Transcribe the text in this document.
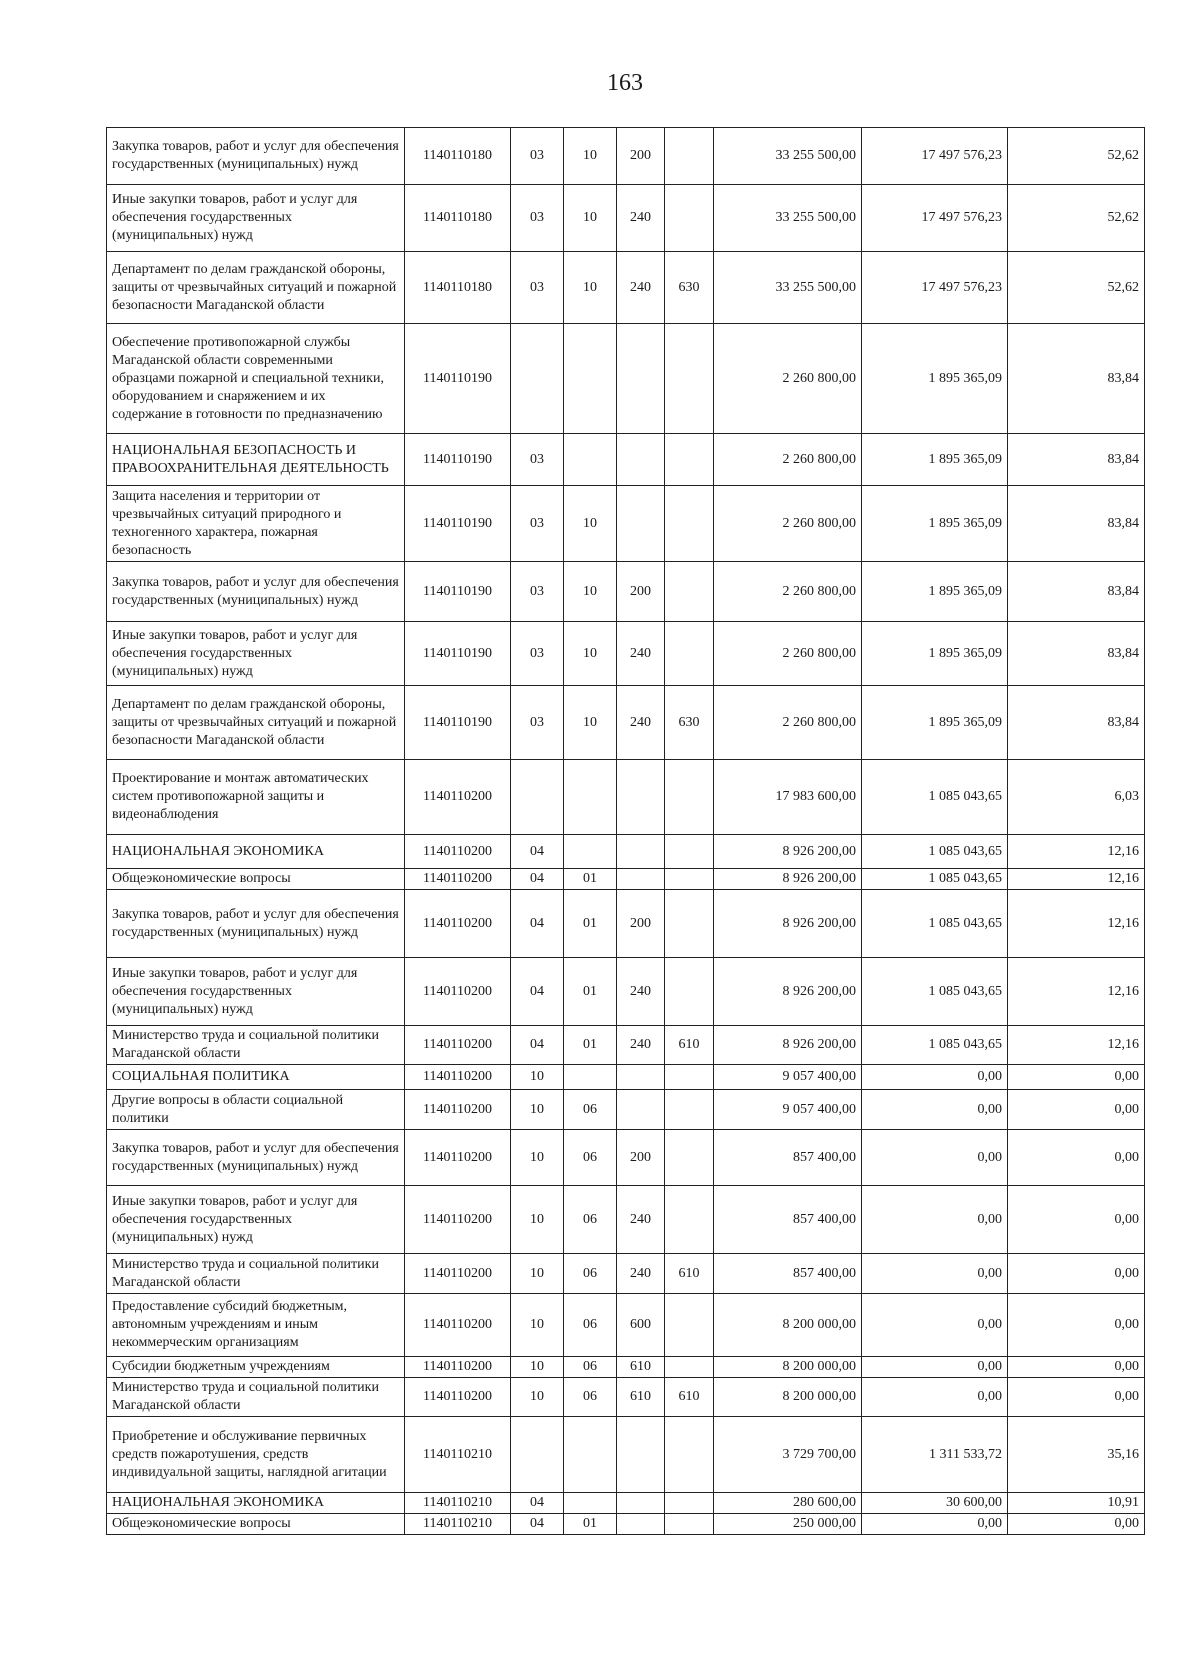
163
Закупка товаров, работ и услуг для обеспечения государственных (муниципальных) нужд	1140110180	03	10	200		33 255 500,00	17 497 576,23	52,62
Иные закупки товаров, работ и услуг для обеспечения государственных (муниципальных) нужд	1140110180	03	10	240		33 255 500,00	17 497 576,23	52,62
Департамент по делам гражданской обороны, защиты от чрезвычайных ситуаций и пожарной безопасности Магаданской области	1140110180	03	10	240	630	33 255 500,00	17 497 576,23	52,62
Обеспечение противопожарной службы Магаданской области современными образцами пожарной и специальной техники, оборудованием и снаряжением и их содержание в готовности по предназначению	1140110190					2 260 800,00	1 895 365,09	83,84
НАЦИОНАЛЬНАЯ БЕЗОПАСНОСТЬ И ПРАВООХРАНИТЕЛЬНАЯ ДЕЯТЕЛЬНОСТЬ	1140110190	03				2 260 800,00	1 895 365,09	83,84
Защита населения и территории от чрезвычайных ситуаций природного и техногенного характера, пожарная безопасность	1140110190	03	10			2 260 800,00	1 895 365,09	83,84
Закупка товаров, работ и услуг для обеспечения государственных (муниципальных) нужд	1140110190	03	10	200		2 260 800,00	1 895 365,09	83,84
Иные закупки товаров, работ и услуг для обеспечения государственных (муниципальных) нужд	1140110190	03	10	240		2 260 800,00	1 895 365,09	83,84
Департамент по делам гражданской обороны, защиты от чрезвычайных ситуаций и пожарной безопасности Магаданской области	1140110190	03	10	240	630	2 260 800,00	1 895 365,09	83,84
Проектирование и монтаж автоматических систем противопожарной защиты и видеонаблюдения	1140110200					17 983 600,00	1 085 043,65	6,03
НАЦИОНАЛЬНАЯ ЭКОНОМИКА	1140110200	04				8 926 200,00	1 085 043,65	12,16
Общеэкономические вопросы	1140110200	04	01			8 926 200,00	1 085 043,65	12,16
Закупка товаров, работ и услуг для обеспечения государственных (муниципальных) нужд	1140110200	04	01	200		8 926 200,00	1 085 043,65	12,16
Иные закупки товаров, работ и услуг для обеспечения государственных (муниципальных) нужд	1140110200	04	01	240		8 926 200,00	1 085 043,65	12,16
Министерство труда и социальной политики Магаданской области	1140110200	04	01	240	610	8 926 200,00	1 085 043,65	12,16
СОЦИАЛЬНАЯ ПОЛИТИКА	1140110200	10				9 057 400,00	0,00	0,00
Другие вопросы в области социальной политики	1140110200	10	06			9 057 400,00	0,00	0,00
Закупка товаров, работ и услуг для обеспечения государственных (муниципальных) нужд	1140110200	10	06	200		857 400,00	0,00	0,00
Иные закупки товаров, работ и услуг для обеспечения государственных (муниципальных) нужд	1140110200	10	06	240		857 400,00	0,00	0,00
Министерство труда и социальной политики Магаданской области	1140110200	10	06	240	610	857 400,00	0,00	0,00
Предоставление субсидий бюджетным, автономным учреждениям и иным некоммерческим организациям	1140110200	10	06	600		8 200 000,00	0,00	0,00
Субсидии бюджетным учреждениям	1140110200	10	06	610		8 200 000,00	0,00	0,00
Министерство труда и социальной политики Магаданской области	1140110200	10	06	610	610	8 200 000,00	0,00	0,00
Приобретение и обслуживание первичных средств пожаротушения, средств индивидуальной защиты, наглядной агитации	1140110210					3 729 700,00	1 311 533,72	35,16
НАЦИОНАЛЬНАЯ ЭКОНОМИКА	1140110210	04				280 600,00	30 600,00	10,91
Общеэкономические вопросы	1140110210	04	01			250 000,00	0,00	0,00
